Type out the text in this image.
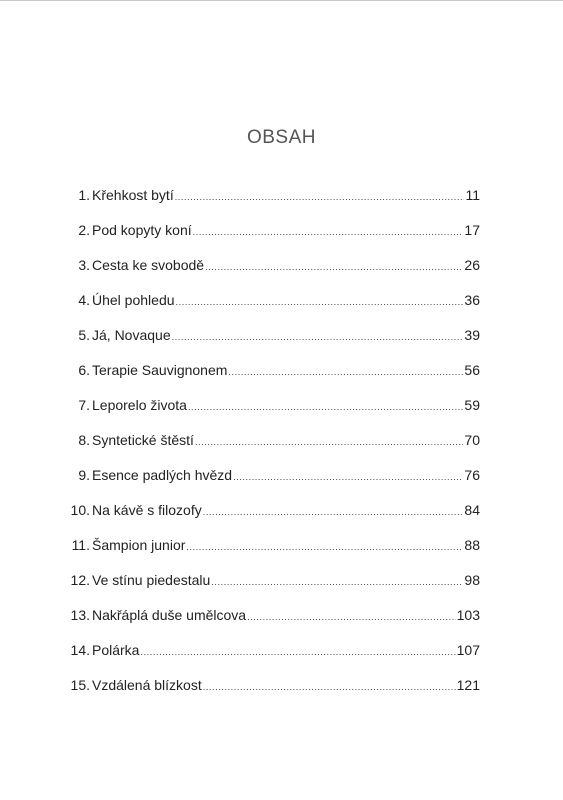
OBSAH
1. Křehkost bytí .....	11
2. Pod kopyty koní .....	17
3. Cesta ke svobodě .....	26
4. Úhel pohledu .....	36
5. Já, Novaque .....	39
6. Terapie Sauvignonem .....	56
7. Leporelo života .....	59
8. Syntetické štěstí .....	70
9. Esence padlých hvězd .....	76
10. Na kávě s filozofy .....	84
11. Šampion junior .....	88
12. Ve stínu piedestalu .....	98
13. Nakřáplá duše umělcova .....	103
14. Polárka .....	107
15. Vzdálená blízkost .....	121
